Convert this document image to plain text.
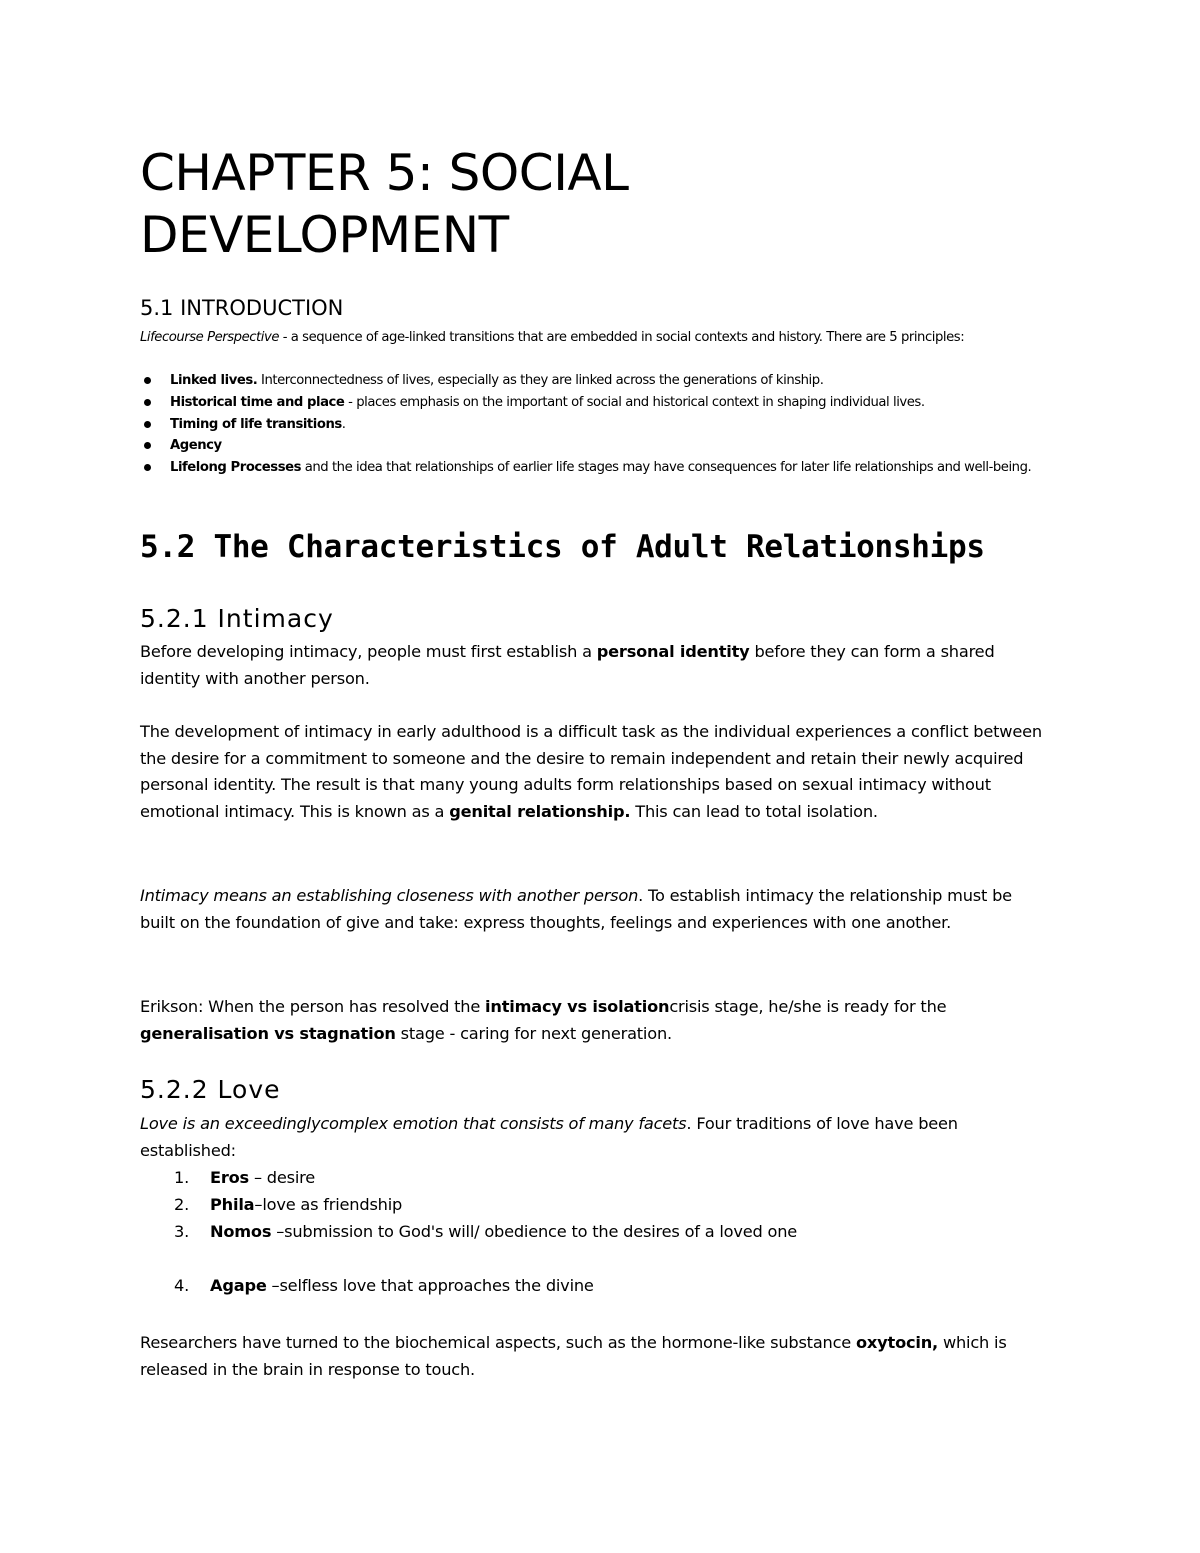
CHAPTER 5: SOCIAL
DEVELOPMENT
5.1 INTRODUCTION

Lifecourse Perspective - a sequence of age-linked transitions that are embedded in social contexts and history. There are 5 principles:

Linked lives. Interconnectedness of lives, especially as they are linked across the generations of kinship.
Historical time and place - places emphasis on the important of social and historical context in shaping individual lives.
Timing of life transitions.
Agency
Lifelong Processes and the idea that relationships of earlier life stages may have consequences for later life relationships and well-being.
5.2 The Characteristics of Adult Relationships
5.2.1 Intimacy

Before developing intimacy, people must first establish a personal identity before they can form a shared identity with another person.

The development of intimacy in early adulthood is a difficult task as the individual experiences a conflict between the desire for a commitment to someone and the desire to remain independent and retain their newly acquired personal identity. The result is that many young adults form relationships based on sexual intimacy without emotional intimacy. This is known as a genital relationship. This can lead to total isolation.

Intimacy means an establishing closeness with another person. To establish intimacy the relationship must be built on the foundation of give and take: express thoughts, feelings and experiences with one another.

Erikson: When the person has resolved the intimacy vs isolationcrisis stage, he/she is ready for the generalisation vs stagnation stage - caring for next generation.

5.2.2 Love

Love is an exceedinglycomplex emotion that consists of many facets. Four traditions of love have been established:

1. Eros – desire
2. Phila–love as friendship
3. Nomos –submission to God's will/ obedience to the desires of a loved one
4. Agape –selfless love that approaches the divine

Researchers have turned to the biochemical aspects, such as the hormone-like substance oxytocin, which is released in the brain in response to touch.
